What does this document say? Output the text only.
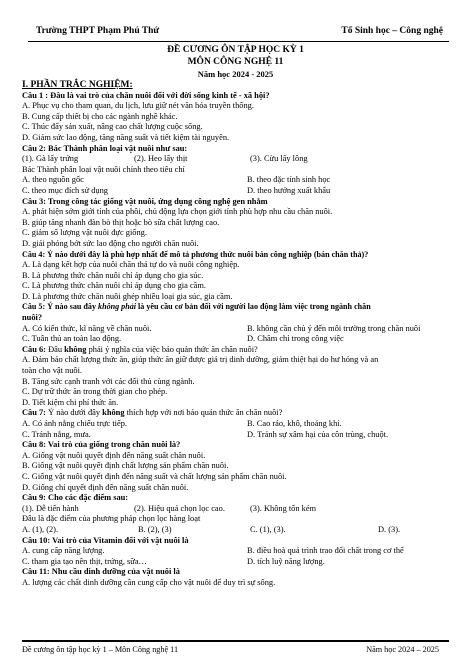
Trường THPT Phạm Phú Thứ	Tổ Sinh học – Công nghệ
ĐỀ CƯƠNG ÔN TẬP HỌC KỲ 1
MÔN CÔNG NGHỆ 11
Năm học 2024 - 2025

I. PHẦN TRẮC NGHIỆM:

Câu 1 : Đâu là vai trò của chăn nuôi đối với đời sống kinh tế - xã hội?

A. Phục vụ cho tham quan, du lịch, lưu giữ nét văn hóa truyền thống.

B. Cung cấp thiết bị cho các ngành nghề khác.

C. Thúc đẩy sản xuất, nâng cao chất lượng cuộc sống.

D. Giảm sức lao động, tăng năng suất và tiết kiệm tài nguyên.

Câu 2: Bác Thành phân loại vật nuôi như sau:

(1). Gà lấy trứng	(2). Heo lấy thịt	(3). Cừu lấy lông

Bác Thành phân loại vật nuôi chính theo tiêu chí

A. theo nguồn gốc	B. theo đặc tính sinh học
C. theo mục đích sử dụng	D. theo hướng xuất khẩu

Câu 3: Trong công tác giống vật nuôi, ứng dụng công nghệ gen nhằm

A. phát hiện sớm giới tính của phôi, chủ động lựa chọn giới tính phù hợp nhu cầu chăn nuôi.

B. giúp tăng nhanh đàn bò thịt hoặc bò sữa chất lượng cao.

C. giảm số lượng vật nuôi đực giống.

D. giải phóng bớt sức lao động cho người chăn nuôi.

Câu 4: Ý nào dưới đây là phù hợp nhất để mô tả phương thức nuôi bán công nghiệp (bán chăn thả)?

A. Là dạng kết hợp của nuôi chăn thả tự do và nuôi công nghiệp.

B. Là phương thức chăn nuôi chỉ áp dụng cho gia súc.

C. Là phương thức chăn nuôi chỉ áp dụng cho gia cầm.

D. Là phương thức chăn nuôi ghép nhiều loại gia súc, gia cầm.

Câu 5: Ý nào sau đây không phải là yêu cầu cơ bản đối với người lao động làm việc trong ngành chăn

nuôi?

A. Có kiến thức, kĩ năng về chăn nuôi.	B. không cần chủ ý đến môi trường trong chăn nuôi
C. Tuân thủ an toàn lao động.	D. Chăm chỉ trong công việc

Câu 6: Đâu không phải ý nghĩa của việc bảo quản thức ăn chăn nuôi?

A. Đảm bảo chất lượng thức ăn, giúp thức ăn giữ được giá trị dinh dưỡng, giảm thiệt hại do hư hỏng và an

toàn cho vật nuôi.

B. Tăng sức cạnh tranh với các đối thủ cùng ngành.

C. Dự trữ thức ăn trong thời gian cho phép.

D. Tiết kiệm chi phí thức ăn.

Câu 7: Ý nào dưới đây không thích hợp với nơi bảo quản thức ăn chăn nuôi?

A. Có ánh nắng chiếu trực tiếp.	B. Cao ráo, khô, thoáng khí.
C. Tránh nắng, mưa.	D. Tránh sự xâm hại của côn trùng, chuột.

Câu 8: Vai trò của giống trong chăn nuôi là?

A. Giống vật nuôi quyết định đến năng suất chăn nuôi.

B. Giống vật nuôi quyết định chất lượng sản phẩm chăn nuôi.

C. Giống vật nuôi quyết định đến năng suất và chất lượng sản phẩm chăn nuôi.

D. Giống chỉ quyết định đến năng suất chăn nuôi.

Câu 9: Cho các đặc điểm sau:

(1). Dễ tiến hành	(2). Hiệu quả chọn lọc cao.	(3). Không tốn kém

Đâu là đặc điểm của phương pháp chọn lọc hàng loạt

A. (1), (2).	B. (2), (3)	C. (1), (3).	D. (3).

Câu 10: Vai trò của Vitamin đối với vật nuôi là

A. cung cấp năng lượng.	B. điều hoà quá trình trao đổi chất trong cơ thể
C. tham gia tạo nên thịt, trứng, sữa…	D. tích luỹ năng lượng.

Câu 11: Nhu cầu dinh dưỡng của vật nuôi là

A. lượng các chất dinh dưỡng cần cung cấp cho vật nuôi để duy trì sự sống.

Đề cương ôn tập học kỳ 1 – Môn Công nghệ 11	Năm học 2024 – 2025
